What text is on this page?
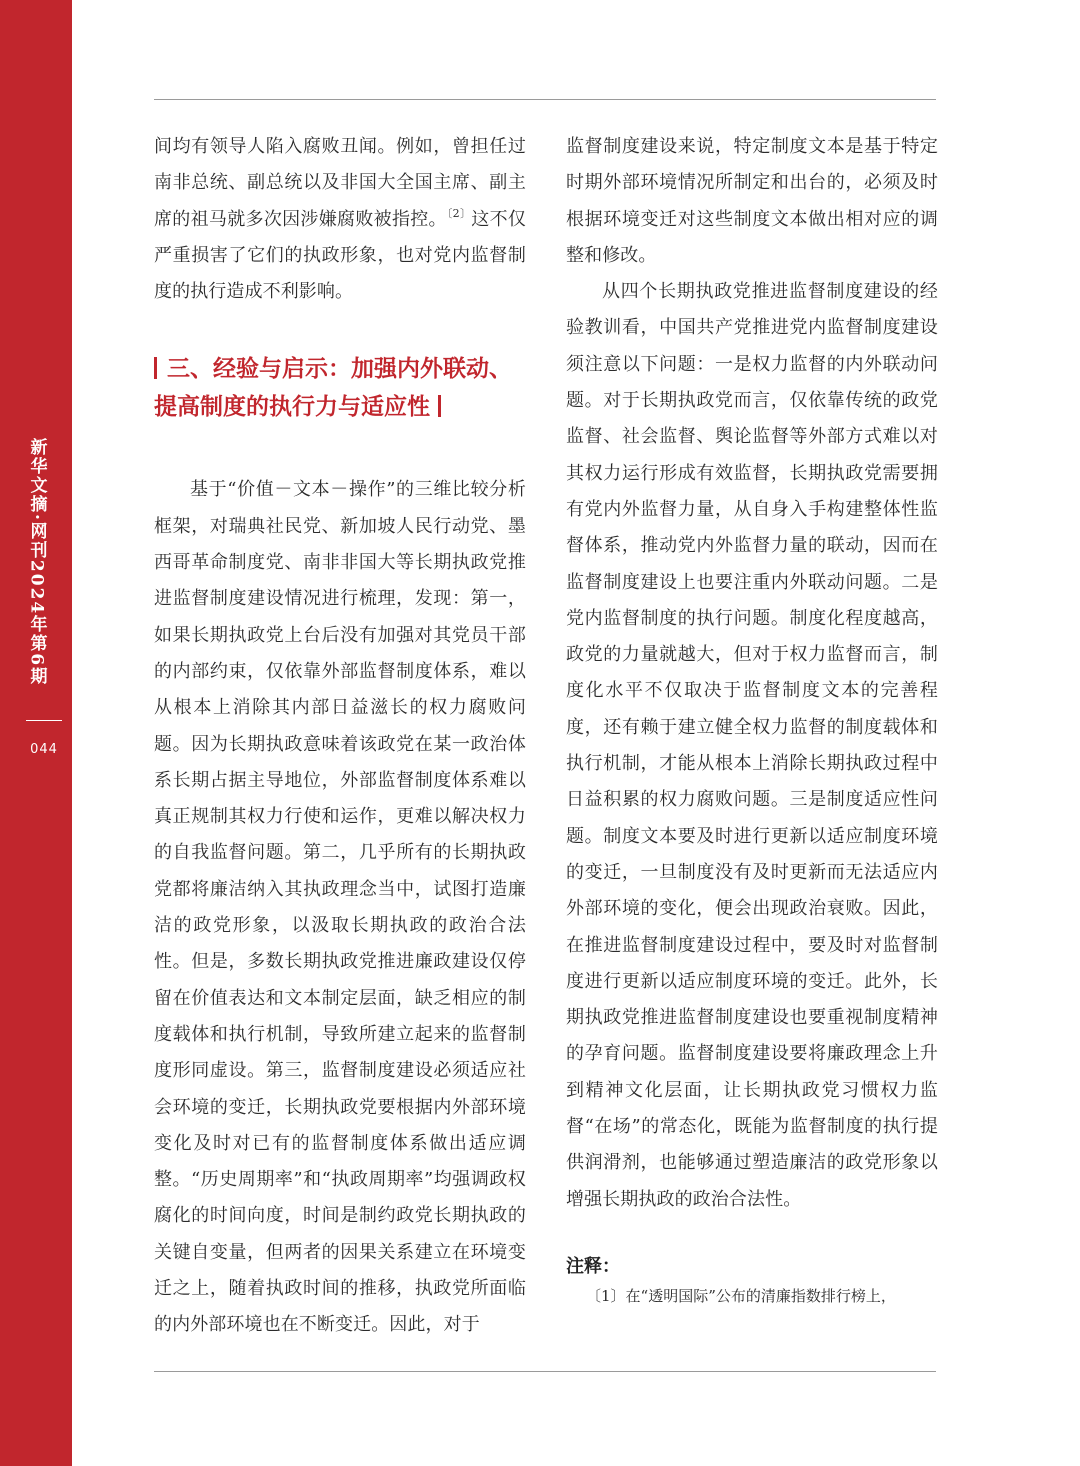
新华文摘·网刊2024年第6期
044

间均有领导人陷入腐败丑闻。例如，曾担任过南非总统、副总统以及非国大全国主席、副主席的祖马就多次因涉嫌腐败被指控。$^{〔2〕}$这不仅严重损害了它们的执政形象，也对党内监督制度的执行造成不利影响。

三、经验与启示：加强内外联动、提高制度的执行力与适应性

基于“价值－文本－操作”的三维比较分析框架，对瑞典社民党、新加坡人民行动党、墨西哥革命制度党、南非非国大等长期执政党推进监督制度建设情况进行梳理，发现：第一，如果长期执政党上台后没有加强对其党员干部的内部约束，仅依靠外部监督制度体系，难以从根本上消除其内部日益滋长的权力腐败问题。因为长期执政意味着该政党在某一政治体系长期占据主导地位，外部监督制度体系难以真正规制其权力行使和运作，更难以解决权力的自我监督问题。第二，几乎所有的长期执政党都将廉洁纳入其执政理念当中，试图打造廉洁的政党形象，以汲取长期执政的政治合法性。但是，多数长期执政党推进廉政建设仅停留在价值表达和文本制定层面，缺乏相应的制度载体和执行机制，导致所建立起来的监督制度形同虚设。第三，监督制度建设必须适应社会环境的变迁，长期执政党要根据内外部环境变化及时对已有的监督制度体系做出适应调整。“历史周期率”和“执政周期率”均强调政权腐化的时间向度，时间是制约政党长期执政的关键自变量，但两者的因果关系建立在环境变迁之上，随着执政时间的推移，执政党所面临的内外部环境也在不断变迁。因此，对于

监督制度建设来说，特定制度文本是基于特定时期外部环境情况所制定和出台的，必须及时根据环境变迁对这些制度文本做出相对应的调整和修改。

从四个长期执政党推进监督制度建设的经验教训看，中国共产党推进党内监督制度建设须注意以下问题：一是权力监督的内外联动问题。对于长期执政党而言，仅依靠传统的政党监督、社会监督、舆论监督等外部方式难以对其权力运行形成有效监督，长期执政党需要拥有党内外监督力量，从自身入手构建整体性监督体系，推动党内外监督力量的联动，因而在监督制度建设上也要注重内外联动问题。二是党内监督制度的执行问题。制度化程度越高，政党的力量就越大，但对于权力监督而言，制度化水平不仅取决于监督制度文本的完善程度，还有赖于建立健全权力监督的制度载体和执行机制，才能从根本上消除长期执政过程中日益积累的权力腐败问题。三是制度适应性问题。制度文本要及时进行更新以适应制度环境的变迁，一旦制度没有及时更新而无法适应内外部环境的变化，便会出现政治衰败。因此，在推进监督制度建设过程中，要及时对监督制度进行更新以适应制度环境的变迁。此外，长期执政党推进监督制度建设也要重视制度精神的孕育问题。监督制度建设要将廉政理念上升到精神文化层面，让长期执政党习惯权力监督“在场”的常态化，既能为监督制度的执行提供润滑剂，也能够通过塑造廉洁的政党形象以增强长期执政的政治合法性。

注释：

〔1〕在“透明国际”公布的清廉指数排行榜上，
